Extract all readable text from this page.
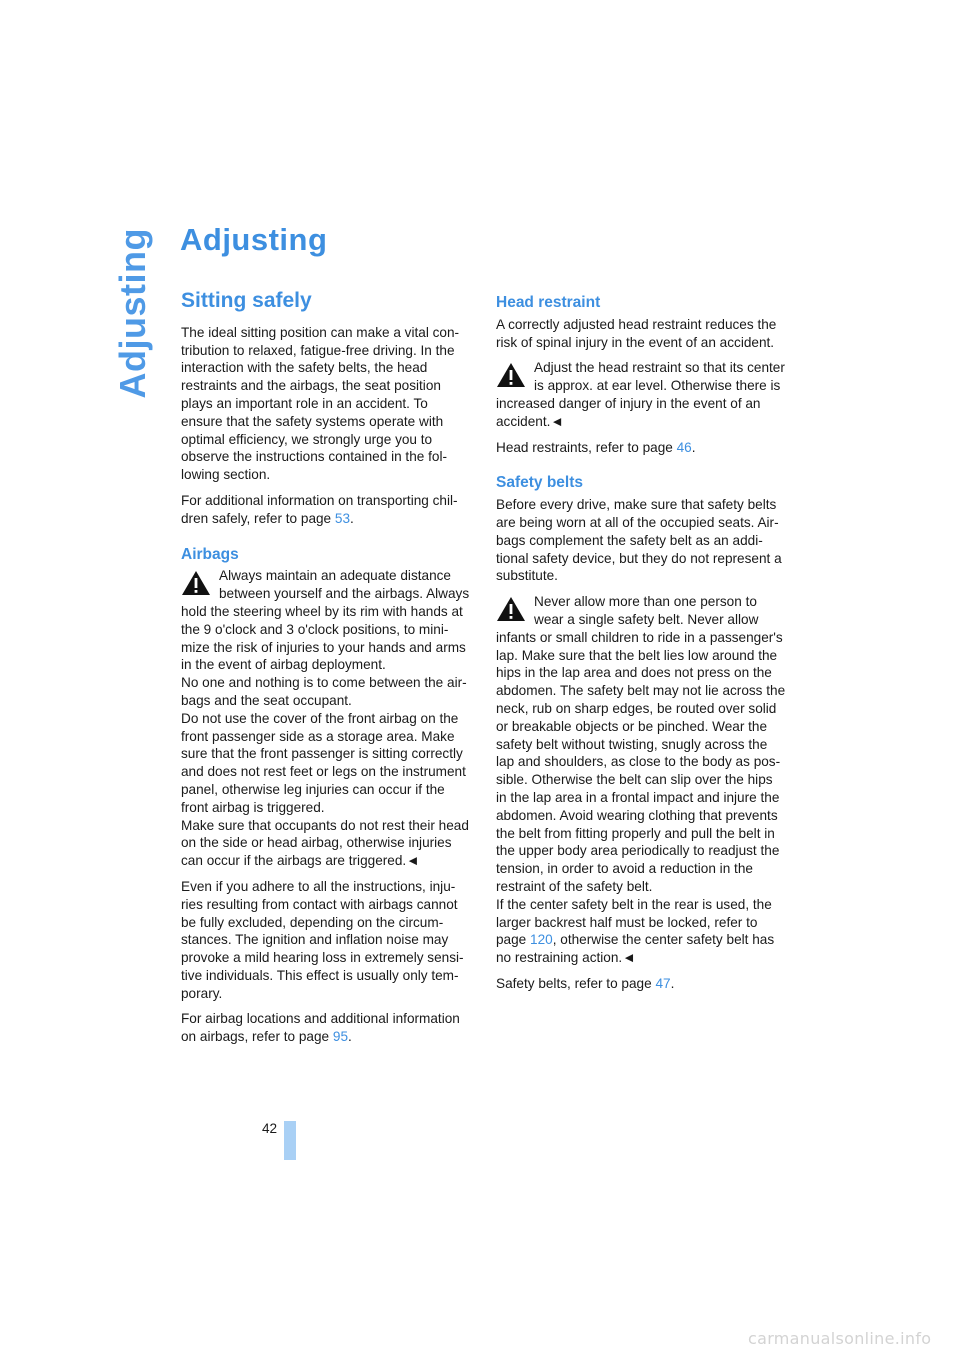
Adjusting Adjusting
Sitting safely

The ideal sitting position can make a vital con-
tribution to relaxed, fatigue-free driving. In the
interaction with the safety belts, the head
restraints and the airbags, the seat position
plays an important role in an accident. To
ensure that the safety systems operate with
optimal efficiency, we strongly urge you to
observe the instructions contained in the fol-
lowing section.

For additional information on transporting chil-
dren safely, refer to page 53.

Airbags
Always maintain an adequate distance
between yourself and the airbags. Always
hold the steering wheel by its rim with hands at
the 9 o'clock and 3 o'clock positions, to mini-
mize the risk of injuries to your hands and arms
in the event of airbag deployment.
No one and nothing is to come between the air-
bags and the seat occupant.
Do not use the cover of the front airbag on the
front passenger side as a storage area. Make
sure that the front passenger is sitting correctly
and does not rest feet or legs on the instrument
panel, otherwise leg injuries can occur if the
front airbag is triggered.
Make sure that occupants do not rest their head
on the side or head airbag, otherwise injuries
can occur if the airbags are triggered.◄

Even if you adhere to all the instructions, inju-
ries resulting from contact with airbags cannot
be fully excluded, depending on the circum-
stances. The ignition and inflation noise may
provoke a mild hearing loss in extremely sensi-
tive individuals. This effect is usually only tem-
porary.

For airbag locations and additional information
on airbags, refer to page 95.

Head restraint

A correctly adjusted head restraint reduces the
risk of spinal injury in the event of an accident.

Adjust the head restraint so that its center
is approx. at ear level. Otherwise there is
increased danger of injury in the event of an
accident.◄

Head restraints, refer to page 46.

Safety belts

Before every drive, make sure that safety belts
are being worn at all of the occupied seats. Air-
bags complement the safety belt as an addi-
tional safety device, but they do not represent a
substitute.

Never allow more than one person to
wear a single safety belt. Never allow
infants or small children to ride in a passenger's
lap. Make sure that the belt lies low around the
hips in the lap area and does not press on the
abdomen. The safety belt may not lie across the
neck, rub on sharp edges, be routed over solid
or breakable objects or be pinched. Wear the
safety belt without twisting, snugly across the
lap and shoulders, as close to the body as pos-
sible. Otherwise the belt can slip over the hips
in the lap area in a frontal impact and injure the
abdomen. Avoid wearing clothing that prevents
the belt from fitting properly and pull the belt in
the upper body area periodically to readjust the
tension, in order to avoid a reduction in the
restraint of the safety belt.
If the center safety belt in the rear is used, the
larger backrest half must be locked, refer to
page 120, otherwise the center safety belt has
no restraining action.◄

Safety belts, refer to page 47.

42
carmanualsonline.info
